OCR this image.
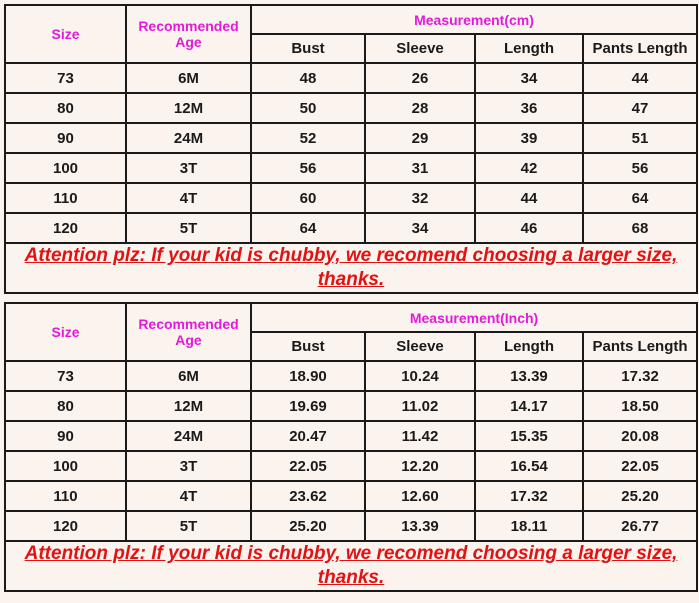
Size	Recommended Age	Measurement(cm)			
		Bust	Sleeve	Length	Pants Length
73	6M	48	26	34	44
80	12M	50	28	36	47
90	24M	52	29	39	51
100	3T	56	31	42	56
110	4T	60	32	44	64
120	5T	64	34	46	68
Attention plz: If your kid is chubby, we recomend choosing a larger size, thanks.					
Size	Recommended Age	Measurement(Inch)			
		Bust	Sleeve	Length	Pants Length
73	6M	18.90	10.24	13.39	17.32
80	12M	19.69	11.02	14.17	18.50
90	24M	20.47	11.42	15.35	20.08
100	3T	22.05	12.20	16.54	22.05
110	4T	23.62	12.60	17.32	25.20
120	5T	25.20	13.39	18.11	26.77
Attention plz: If your kid is chubby, we recomend choosing a larger size, thanks.					
